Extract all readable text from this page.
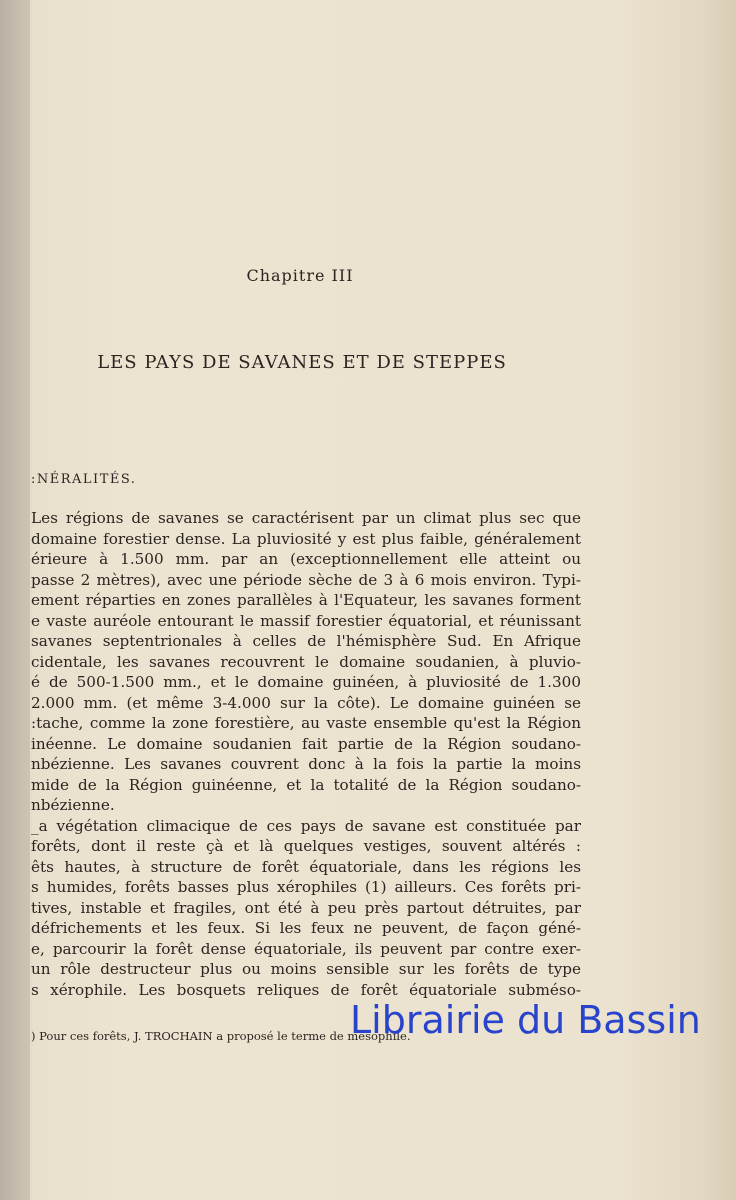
Chapitre III
LES PAYS DE SAVANES ET DE STEPPES
:NÉRALITÉS.
Les régions de savanes se caractérisent par un climat plus sec que
domaine forestier dense. La pluviosité y est plus faible, généralement
érieure à 1.500 mm. par an (exceptionnellement elle atteint ou
passe 2 mètres), avec une période sèche de 3 à 6 mois environ. Typi-
ement réparties en zones parallèles à l'Equateur, les savanes forment
e vaste auréole entourant le massif forestier équatorial, et réunissant
savanes septentrionales à celles de l'hémisphère Sud. En Afrique
cidentale, les savanes recouvrent le domaine soudanien, à pluvio-
é de 500-1.500 mm., et le domaine guinéen, à pluviosité de 1.300
2.000 mm. (et même 3-4.000 sur la côte). Le domaine guinéen se
:tache, comme la zone forestière, au vaste ensemble qu'est la Région
inéenne. Le domaine soudanien fait partie de la Région soudano-
nbézienne. Les savanes couvrent donc à la fois la partie la moins
mide de la Région guinéenne, et la totalité de la Région soudano-
nbézienne.
_a végétation climacique de ces pays de savane est constituée par
forêts, dont il reste çà et là quelques vestiges, souvent altérés :
êts hautes, à structure de forêt équatoriale, dans les régions les
s humides, forêts basses plus xérophiles (1) ailleurs. Ces forêts pri-
tives, instable et fragiles, ont été à peu près partout détruites, par
défrichements et les feux. Si les feux ne peuvent, de façon géné-
e, parcourir la forêt dense équatoriale, ils peuvent par contre exer-
un rôle destructeur plus ou moins sensible sur les forêts de type
s xérophile. Les bosquets reliques de forêt équatoriale subméso-
) Pour ces forêts, J. TROCHAIN a proposé le terme de mésophile.
Librairie du Bassin
